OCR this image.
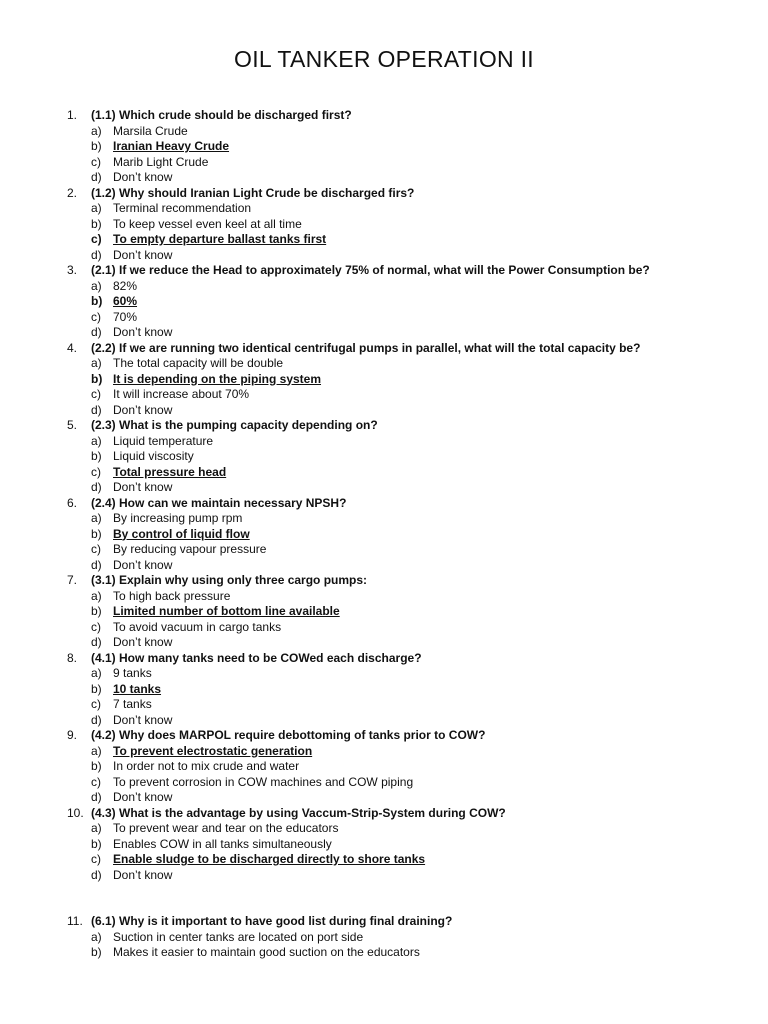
OIL TANKER OPERATION II
1. (1.1) Which crude should be discharged first?
a) Marsila Crude
b) Iranian Heavy Crude
c) Marib Light Crude
d) Don’t know
2. (1.2) Why should Iranian Light Crude be discharged firs?
a) Terminal recommendation
b) To keep vessel even keel at all time
c) To empty departure ballast tanks first
d) Don’t know
3. (2.1) If we reduce the Head to approximately 75% of normal, what will the Power Consumption be?
a) 82%
b) 60%
c) 70%
d) Don’t know
4. (2.2) If we are running two identical centrifugal pumps in parallel, what will the total capacity be?
a) The total capacity will be double
b) It is depending on the piping system
c) It will increase about 70%
d) Don’t know
5. (2.3) What is the pumping capacity depending on?
a) Liquid temperature
b) Liquid viscosity
c) Total pressure head
d) Don’t know
6. (2.4) How can we maintain necessary NPSH?
a) By increasing pump rpm
b) By control of liquid flow
c) By reducing vapour pressure
d) Don’t know
7. (3.1) Explain why using only three cargo pumps:
a) To high back pressure
b) Limited number of bottom line available
c) To avoid vacuum in cargo tanks
d) Don’t know
8. (4.1) How many tanks need to be COWed each discharge?
a) 9 tanks
b) 10 tanks
c) 7 tanks
d) Don’t know
9. (4.2) Why does MARPOL require debottoming of tanks prior to COW?
a) To prevent electrostatic generation
b) In order not to mix crude and water
c) To prevent corrosion in COW machines and COW piping
d) Don’t know
10. (4.3) What is the advantage by using Vaccum-Strip-System during COW?
a) To prevent wear and tear on the educators
b) Enables COW in all tanks simultaneously
c) Enable sludge to be discharged directly to shore tanks
d) Don’t know
11. (6.1) Why is it important to have good list during final draining?
a) Suction in center tanks are located on port side
b) Makes it easier to maintain good suction on the educators
